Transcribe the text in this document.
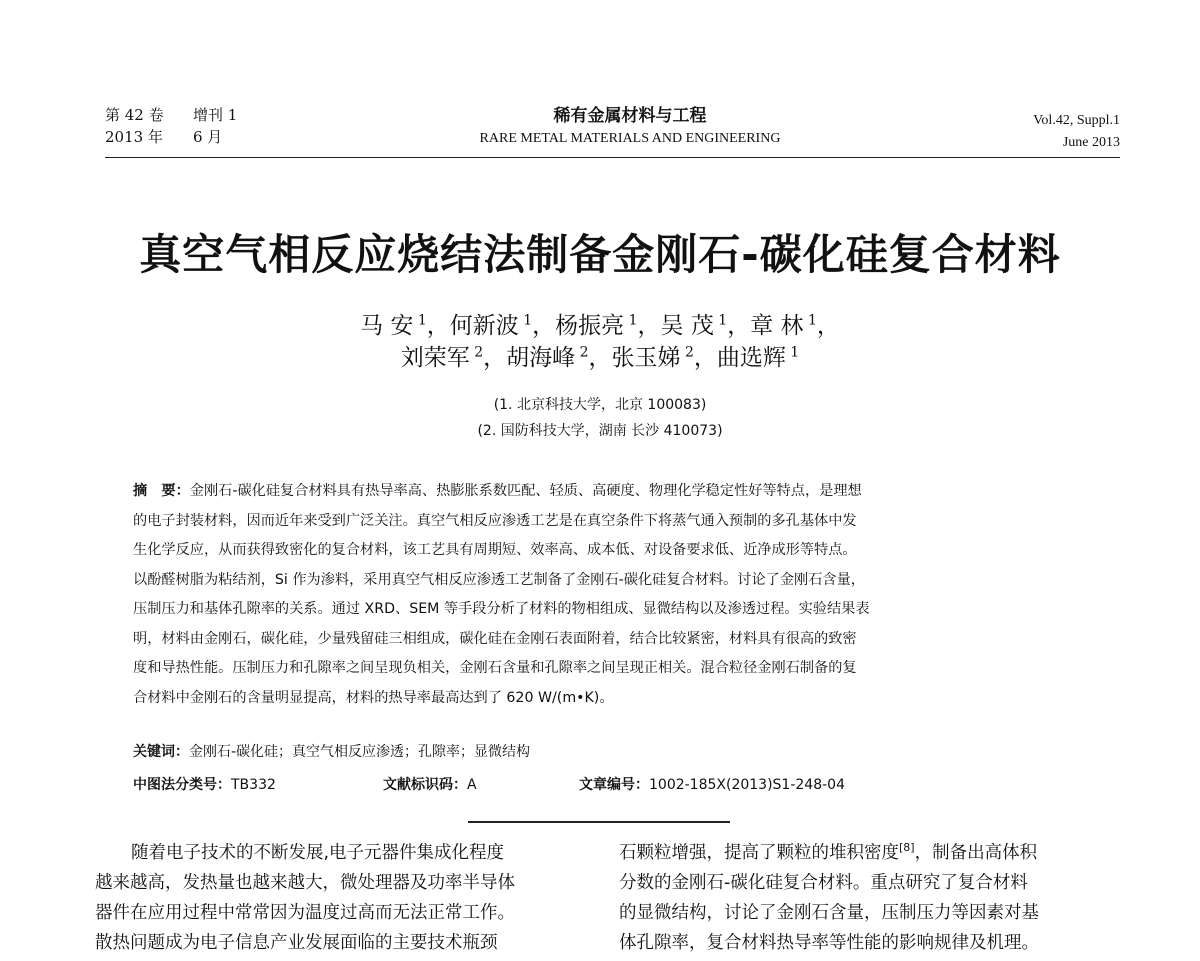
第 42 卷 增刊 1
2013 年 6 月
稀有金属材料与工程
RARE METAL MATERIALS AND ENGINEERING
Vol.42, Suppl.1
June 2013
真空气相反应烧结法制备金刚石-碳化硅复合材料
马 安 $^1$，何新波 $^1$，杨振亮 $^1$，吴 茂 $^1$，章 林 $^1$，
刘荣军 $^2$，胡海峰 $^2$，张玉娣 $^2$，曲选辉 $^1$
(1. 北京科技大学，北京 100083)
(2. 国防科技大学，湖南 长沙 410073)
摘　要：金刚石-碳化硅复合材料具有热导率高、热膨胀系数匹配、轻质、高硬度、物理化学稳定性好等特点，是理想
的电子封装材料，因而近年来受到广泛关注。真空气相反应渗透工艺是在真空条件下将蒸气通入预制的多孔基体中发
生化学反应，从而获得致密化的复合材料，该工艺具有周期短、效率高、成本低、对设备要求低、近净成形等特点。
以酚醛树脂为粘结剂，Si 作为渗料，采用真空气相反应渗透工艺制备了金刚石-碳化硅复合材料。讨论了金刚石含量，
压制压力和基体孔隙率的关系。通过 XRD、SEM 等手段分析了材料的物相组成、显微结构以及渗透过程。实验结果表
明，材料由金刚石，碳化硅，少量残留硅三相组成，碳化硅在金刚石表面附着，结合比较紧密，材料具有很高的致密
度和导热性能。压制压力和孔隙率之间呈现负相关，金刚石含量和孔隙率之间呈现正相关。混合粒径金刚石制备的复
合材料中金刚石的含量明显提高，材料的热导率最高达到了 620 W/(m•K)。
关键词：金刚石-碳化硅；真空气相反应渗透；孔隙率；显微结构
中图法分类号：TB332	文献标识码：A	文章编号：1002-185X(2013)S1-248-04
随着电子技术的不断发展,电子元器件集成化程度
越来越高，发热量也越来越大，微处理器及功率半导体
器件在应用过程中常常因为温度过高而无法正常工作。
散热问题成为电子信息产业发展面临的主要技术瓶颈
石颗粒增强，提高了颗粒的堆积密度[8]，制备出高体积
分数的金刚石-碳化硅复合材料。重点研究了复合材料
的显微结构，讨论了金刚石含量，压制压力等因素对基
体孔隙率，复合材料热导率等性能的影响规律及机理。
